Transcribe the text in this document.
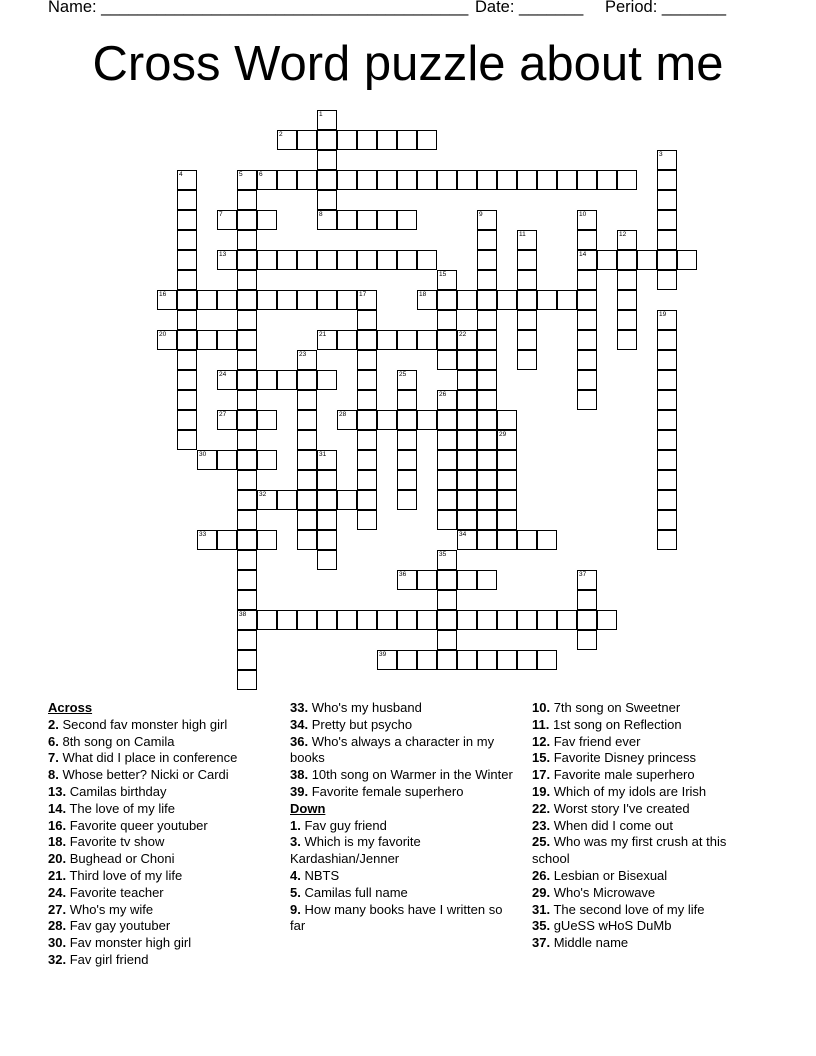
Name: ________________________________________ Date: _______ Period: _______
Cross Word puzzle about me
1
2
3
4	5	6
7	8	9	10
11	12
13	14
15
16	17	18
19
20	21	22
23
24	25
26
27	28
29
30	31
32
33	34
35
36	37
38
39

Across

2. Second fav monster high girl

6. 8th song on Camila

7. What did I place in conference

8. Whose better? Nicki or Cardi

13. Camilas birthday

14. The love of my life

16. Favorite queer youtuber

18. Favorite tv show

20. Bughead or Choni

21. Third love of my life

24. Favorite teacher

27. Who's my wife

28. Fav gay youtuber

30. Fav monster high girl

32. Fav girl friend

33. Who's my husband

34. Pretty but psycho

36. Who's always a character in my books

38. 10th song on Warmer in the Winter

39. Favorite female superhero

Down

1. Fav guy friend

3. Which is my favorite Kardashian/Jenner

4. NBTS

5. Camilas full name

9. How many books have I written so far

10. 7th song on Sweetner

11. 1st song on Reflection

12. Fav friend ever

15. Favorite Disney princess

17. Favorite male superhero

19. Which of my idols are Irish

22. Worst story I've created

23. When did I come out

25. Who was my first crush at this school

26. Lesbian or Bisexual

29. Who's Microwave

31. The second love of my life

35. gUeSS wHoS DuMb

37. Middle name
